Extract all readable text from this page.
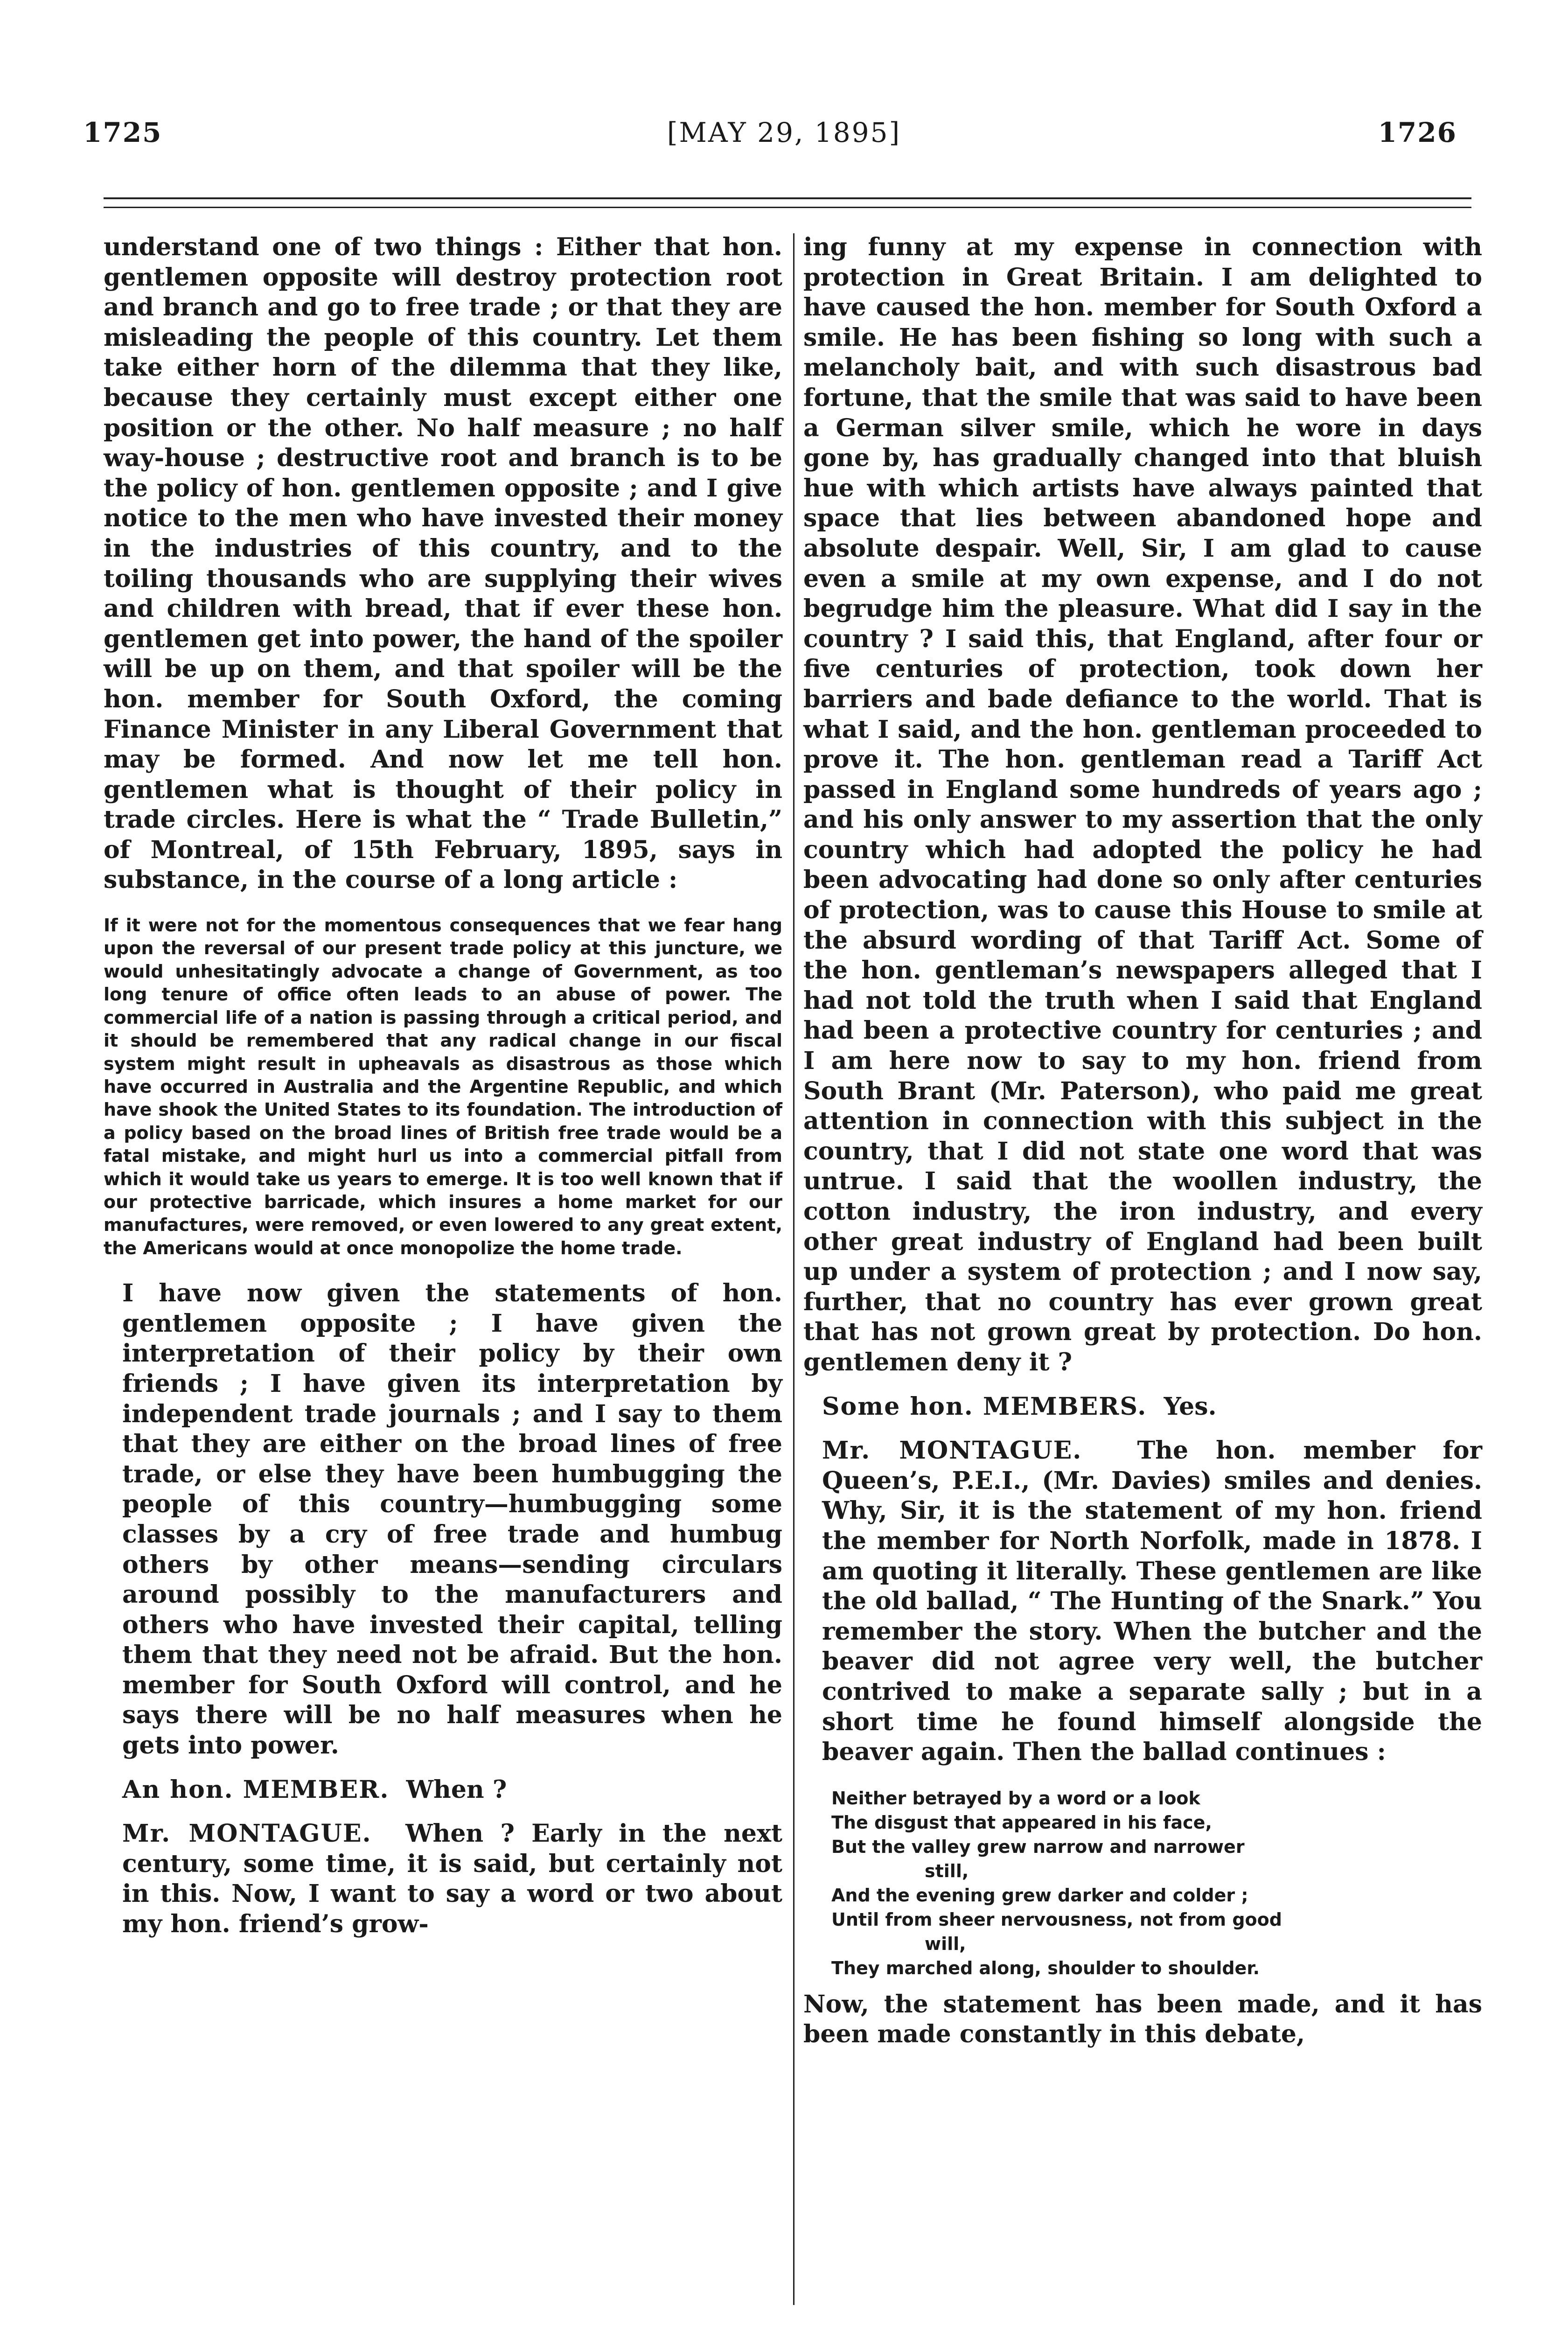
1725	[MAY 29, 1895]	1726

understand one of two things : Either that hon. gentlemen opposite will destroy protection root and branch and go to free trade ; or that they are misleading the people of this country. Let them take either horn of the dilemma that they like, because they certainly must except either one position or the other. No half measure ; no half way-house ; destructive root and branch is to be the policy of hon. gentlemen opposite ; and I give notice to the men who have invested their money in the industries of this country, and to the toiling thousands who are supplying their wives and children with bread, that if ever these hon. gentlemen get into power, the hand of the spoiler will be up on them, and that spoiler will be the hon. member for South Oxford, the coming Finance Minister in any Liberal Government that may be formed. And now let me tell hon. gentlemen what is thought of their policy in trade circles. Here is what the “ Trade Bulletin,” of Montreal, of 15th February, 1895, says in substance, in the course of a long article :

If it were not for the momentous consequences that we fear hang upon the reversal of our present trade policy at this juncture, we would unhesitatingly advocate a change of Government, as too long tenure of office often leads to an abuse of power. The commercial life of a nation is passing through a critical period, and it should be remembered that any radical change in our fiscal system might result in upheavals as disastrous as those which have occurred in Australia and the Argentine Republic, and which have shook the United States to its foundation. The introduction of a policy based on the broad lines of British free trade would be a fatal mistake, and might hurl us into a commercial pitfall from which it would take us years to emerge. It is too well known that if our protective barricade, which insures a home market for our manufactures, were removed, or even lowered to any great extent, the Americans would at once monopolize the home trade.

I have now given the statements of hon. gentlemen opposite ; I have given the interpretation of their policy by their own friends ; I have given its interpretation by independent trade journals ; and I say to them that they are either on the broad lines of free trade, or else they have been humbugging the people of this country—humbugging some classes by a cry of free trade and humbug others by other means—sending circulars around possibly to the manufacturers and others who have invested their capital, telling them that they need not be afraid. But the hon. member for South Oxford will control, and he says there will be no half measures when he gets into power.

An hon. MEMBER. When ?

Mr. MONTAGUE. When ? Early in the next century, some time, it is said, but certainly not in this. Now, I want to say a word or two about my hon. friend’s grow-

ing funny at my expense in connection with protection in Great Britain. I am delighted to have caused the hon. member for South Oxford a smile. He has been fishing so long with such a melancholy bait, and with such disastrous bad fortune, that the smile that was said to have been a German silver smile, which he wore in days gone by, has gradually changed into that bluish hue with which artists have always painted that space that lies between abandoned hope and absolute despair. Well, Sir, I am glad to cause even a smile at my own expense, and I do not begrudge him the pleasure. What did I say in the country ? I said this, that England, after four or five centuries of protection, took down her barriers and bade defiance to the world. That is what I said, and the hon. gentleman proceeded to prove it. The hon. gentleman read a Tariff Act passed in England some hundreds of years ago ; and his only answer to my assertion that the only country which had adopted the policy he had been advocating had done so only after centuries of protection, was to cause this House to smile at the absurd wording of that Tariff Act. Some of the hon. gentleman’s newspapers alleged that I had not told the truth when I said that England had been a protective country for centuries ; and I am here now to say to my hon. friend from South Brant (Mr. Paterson), who paid me great attention in connection with this subject in the country, that I did not state one word that was untrue. I said that the woollen industry, the cotton industry, the iron industry, and every other great industry of England had been built up under a system of protection ; and I now say, further, that no country has ever grown great that has not grown great by protection. Do hon. gentlemen deny it ?

Some hon. MEMBERS. Yes.

Mr. MONTAGUE. The hon. member for Queen’s, P.E.I., (Mr. Davies) smiles and denies. Why, Sir, it is the statement of my hon. friend the member for North Norfolk, made in 1878. I am quoting it literally. These gentlemen are like the old ballad, “ The Hunting of the Snark.” You remember the story. When the butcher and the beaver did not agree very well, the butcher contrived to make a separate sally ; but in a short time he found himself alongside the beaver again. Then the ballad continues :

Neither betrayed by a word or a look
The disgust that appeared in his face,
But the valley grew narrow and narrower
still,
And the evening grew darker and colder ;
Until from sheer nervousness, not from good
will,
They marched along, shoulder to shoulder.

Now, the statement has been made, and it has been made constantly in this debate,
